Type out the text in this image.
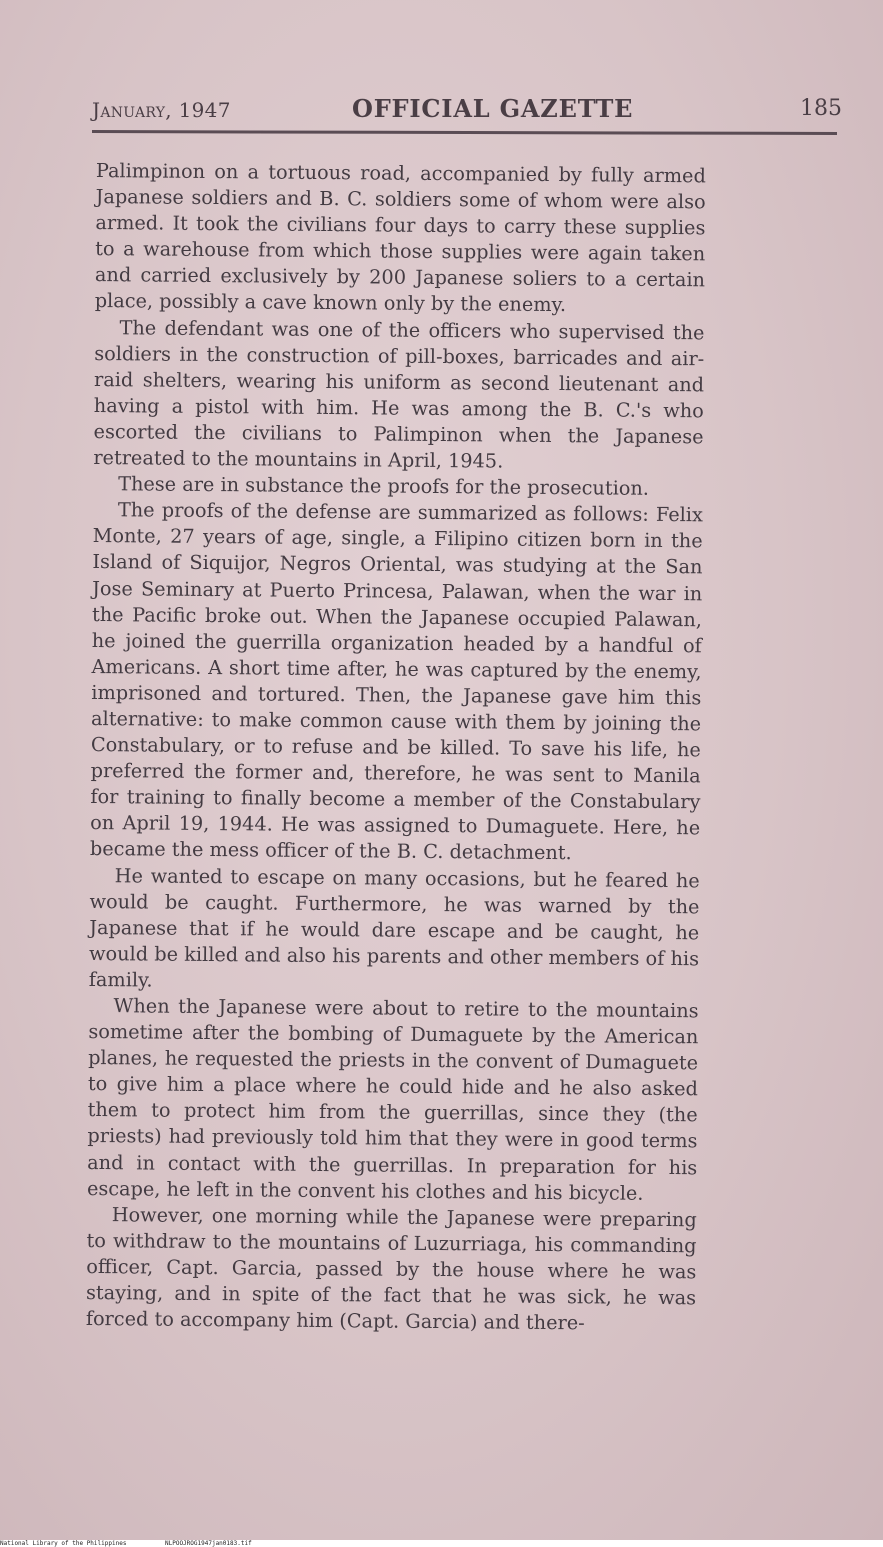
January, 1947	OFFICIAL GAZETTE	185

Palimpinon on a tortuous road, accompanied by fully armed Japanese soldiers and B. C. soldiers some of whom were also armed. It took the civilians four days to carry these supplies to a warehouse from which those supplies were again taken and carried exclusively by 200 Japanese soliers to a certain place, possibly a cave known only by the enemy.

The defendant was one of the officers who supervised the soldiers in the construction of pill-boxes, barricades and air-raid shelters, wearing his uniform as second lieutenant and having a pistol with him. He was among the B. C.'s who escorted the civilians to Palimpinon when the Japanese retreated to the mountains in April, 1945.

These are in substance the proofs for the prosecution.

The proofs of the defense are summarized as follows: Felix Monte, 27 years of age, single, a Filipino citizen born in the Island of Siquijor, Negros Oriental, was studying at the San Jose Seminary at Puerto Princesa, Palawan, when the war in the Pacific broke out. When the Japanese occupied Palawan, he joined the guerrilla organization headed by a handful of Americans. A short time after, he was captured by the enemy, imprisoned and tortured. Then, the Japanese gave him this alternative: to make common cause with them by joining the Constabulary, or to refuse and be killed. To save his life, he preferred the former and, therefore, he was sent to Manila for training to finally become a member of the Constabulary on April 19, 1944. He was assigned to Dumaguete. Here, he became the mess officer of the B. C. detachment.

He wanted to escape on many occasions, but he feared he would be caught. Furthermore, he was warned by the Japanese that if he would dare escape and be caught, he would be killed and also his parents and other members of his family.

When the Japanese were about to retire to the mountains sometime after the bombing of Dumaguete by the American planes, he requested the priests in the convent of Dumaguete to give him a place where he could hide and he also asked them to protect him from the guerrillas, since they (the priests) had previously told him that they were in good terms and in contact with the guerrillas. In preparation for his escape, he left in the convent his clothes and his bicycle.

However, one morning while the Japanese were preparing to withdraw to the mountains of Luzurriaga, his commanding officer, Capt. Garcia, passed by the house where he was staying, and in spite of the fact that he was sick, he was forced to accompany him (Capt. Garcia) and there-

National Library of the Philippines	NLPOOJROG1947jan0183.tif
